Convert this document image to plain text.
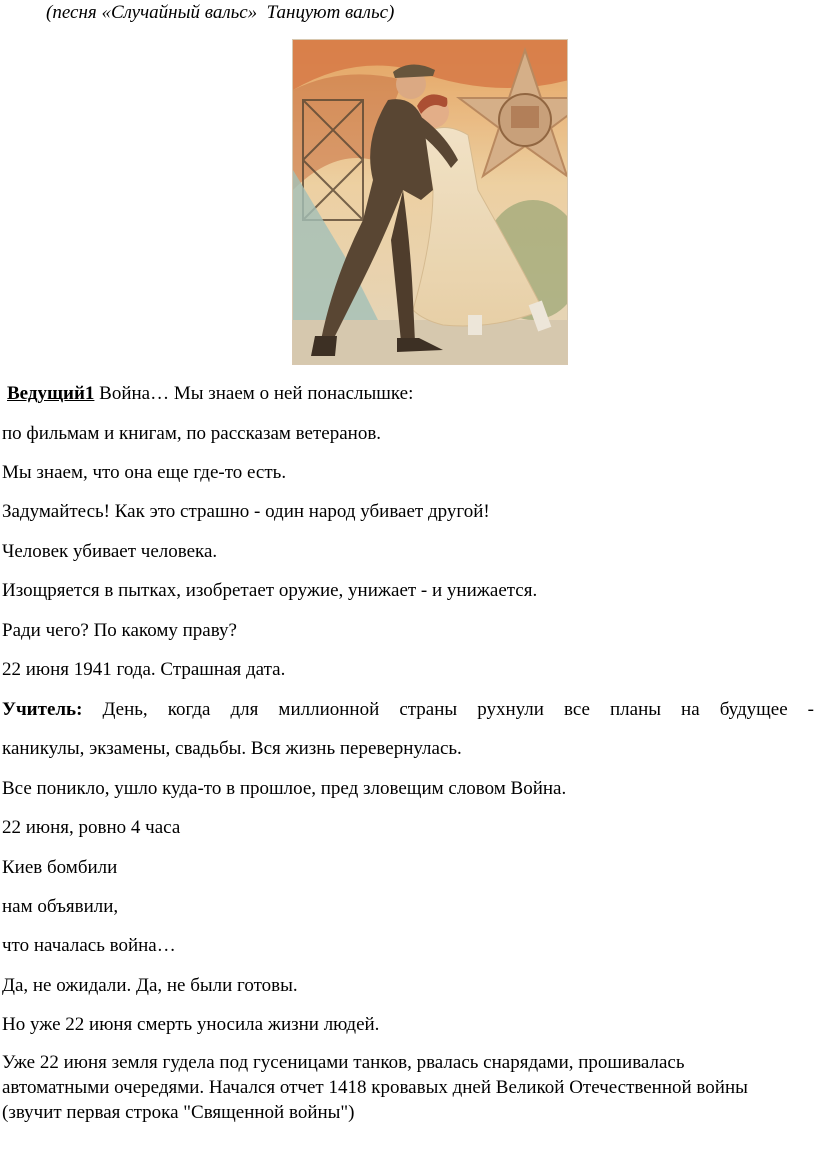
(песня «Случайный вальс»  Танцуют вальс)
Ведущий1 Война… Мы знаем о ней понаслышке:
по фильмам и книгам, по рассказам ветеранов.
Мы знаем, что она еще где-то есть.
Задумайтесь! Как это страшно - один народ убивает другой!
Человек убивает человека.
Изощряется в пытках, изобретает оружие, унижает - и унижается.
Ради чего? По какому праву?
22 июня 1941 года. Страшная дата.
Учитель: День, когда для миллионной страны рухнули все планы на будущее -
каникулы, экзамены, свадьбы. Вся жизнь перевернулась.
Все поникло, ушло куда-то в прошлое, пред зловещим словом Война.
22 июня, ровно 4 часа
Киев бомбили
нам объявили,
что началась война…
Да, не ожидали. Да, не были готовы.
Но уже 22 июня смерть уносила жизни людей.
Уже 22 июня земля гудела под гусеницами танков, рвалась снарядами, прошивалась автоматными очередями. Начался отчет 1418 кровавых дней Великой Отечественной войны (звучит первая строка "Священной войны")
